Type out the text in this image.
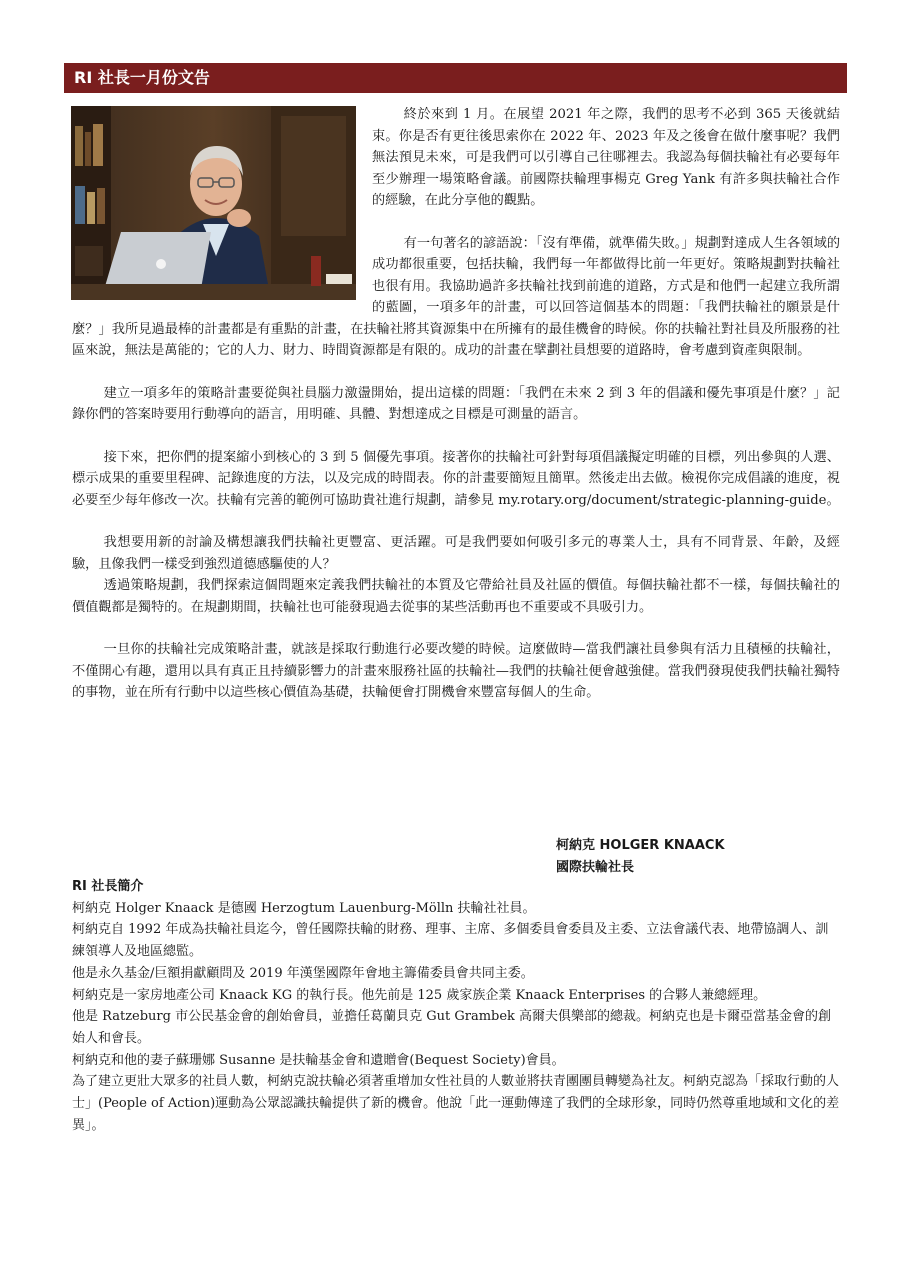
RI 社長一月份文告

終於來到 1 月。在展望 2021 年之際，我們的思考不必到 365 天後就結束。你是否有更往後思索你在 2022 年、2023 年及之後會在做什麼事呢？我們無法預見未來，可是我們可以引導自己往哪裡去。我認為每個扶輪社有必要每年至少辦理一場策略會議。前國際扶輪理事楊克 Greg Yank 有許多與扶輪社合作的經驗，在此分享他的觀點。

有一句著名的諺語說：「沒有準備，就準備失敗。」規劃對達成人生各領域的成功都很重要，包括扶輪，我們每一年都做得比前一年更好。策略規劃對扶輪社也很有用。我協助過許多扶輪社找到前進的道路，方式是和他們一起建立我所謂的藍圖，一項多年的計畫，可以回答這個基本的問題：「我們扶輪社的願景是什麼？」我所見過最棒的計畫都是有重點的計畫，在扶輪社將其資源集中在所擁有的最佳機會的時候。你的扶輪社對社員及所服務的社區來說，無法是萬能的；它的人力、財力、時間資源都是有限的。成功的計畫在擘劃社員想要的道路時，會考慮到資產與限制。

建立一項多年的策略計畫要從與社員腦力激盪開始，提出這樣的問題：「我們在未來 2 到 3 年的倡議和優先事項是什麼？」記錄你們的答案時要用行動導向的語言，用明確、具體、對想達成之目標是可測量的語言。

接下來，把你們的提案縮小到核心的 3 到 5 個優先事項。接著你的扶輪社可針對每項倡議擬定明確的目標，列出參與的人選、標示成果的重要里程碑、記錄進度的方法，以及完成的時間表。你的計畫要簡短且簡單。然後走出去做。檢視你完成倡議的進度，視必要至少每年修改一次。扶輪有完善的範例可協助貴社進行規劃，請參見 my.rotary.org/document/strategic-planning-guide。

我想要用新的討論及構想讓我們扶輪社更豐富、更活躍。可是我們要如何吸引多元的專業人士，具有不同背景、年齡，及經驗，且像我們一樣受到強烈道德感驅使的人？

透過策略規劃，我們探索這個問題來定義我們扶輪社的本質及它帶給社員及社區的價值。每個扶輪社都不一樣，每個扶輪社的價值觀都是獨特的。在規劃期間，扶輪社也可能發現過去從事的某些活動再也不重要或不具吸引力。

一旦你的扶輪社完成策略計畫，就該是採取行動進行必要改變的時候。這麼做時—當我們讓社員參與有活力且積極的扶輪社，不僅開心有趣，還用以具有真正且持續影響力的計畫來服務社區的扶輪社—我們的扶輪社便會越強健。當我們發現使我們扶輪社獨特的事物，並在所有行動中以這些核心價值為基礎，扶輪便會打開機會來豐富每個人的生命。

柯納克 HOLGER KNAACK
國際扶輪社長

RI 社長簡介

柯納克 Holger Knaack 是德國 Herzogtum Lauenburg-Mölln 扶輪社社員。

柯納克自 1992 年成為扶輪社員迄今，曾任國際扶輪的財務、理事、主席、多個委員會委員及主委、立法會議代表、地帶協調人、訓練領導人及地區總監。

他是永久基金/巨額捐獻顧問及 2019 年漢堡國際年會地主籌備委員會共同主委。

柯納克是一家房地產公司 Knaack KG 的執行長。他先前是 125 歲家族企業 Knaack Enterprises 的合夥人兼總經理。

他是 Ratzeburg 市公民基金會的創始會員，並擔任葛蘭貝克 Gut Grambek 高爾夫俱樂部的總裁。柯納克也是卡爾亞當基金會的創始人和會長。

柯納克和他的妻子蘇珊娜 Susanne 是扶輪基金會和遺贈會(Bequest Society)會員。

為了建立更壯大眾多的社員人數，柯納克說扶輪必須著重增加女性社員的人數並將扶青團團員轉變為社友。柯納克認為「採取行動的人士」(People of Action)運動為公眾認識扶輪提供了新的機會。他說「此一運動傳達了我們的全球形象，同時仍然尊重地域和文化的差異」。
